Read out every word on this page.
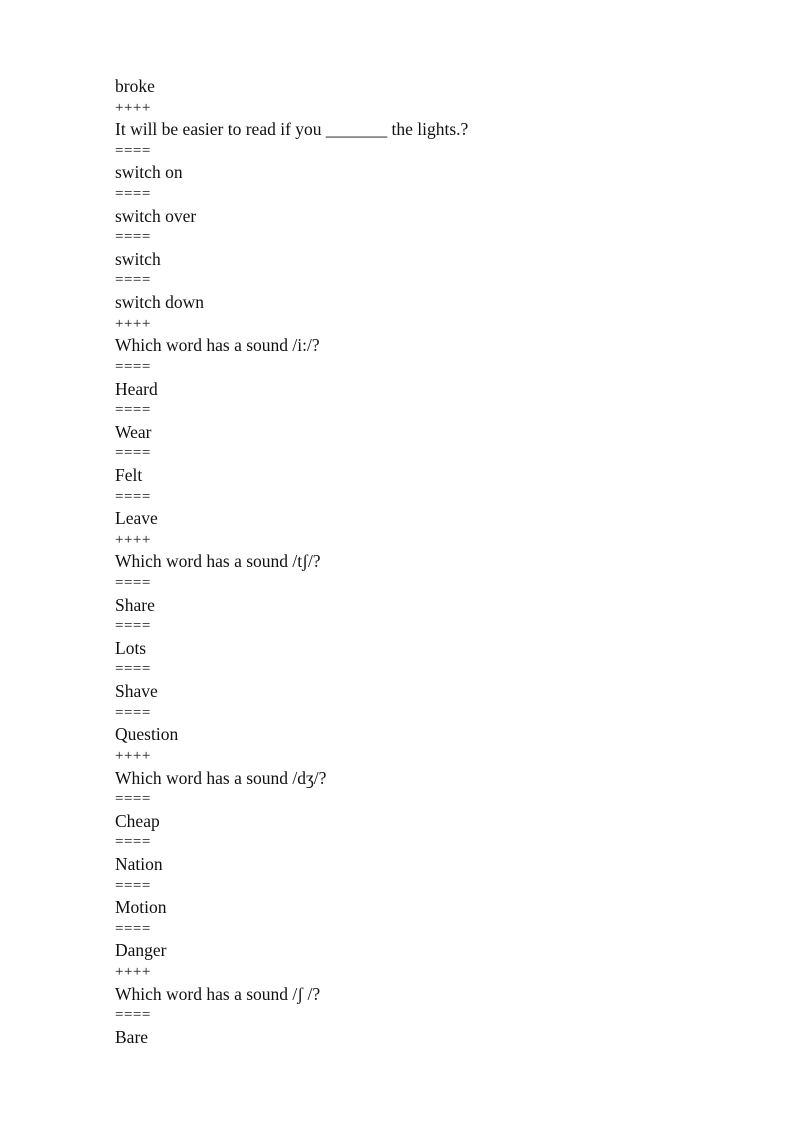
broke
++++
It will be easier to read if you _______ the lights.?
====
switch on
====
switch over
====
switch
====
switch down
++++
Which word has a sound /i:/?
====
Heard
====
Wear
====
Felt
====
Leave
++++
Which word has a sound /tʃ/?
====
Share
====
Lots
====
Shave
====
Question
++++
Which word has a sound /dʒ/?
====
Cheap
====
Nation
====
Motion
====
Danger
++++
Which word has a sound /ʃ /?
====
Bare
